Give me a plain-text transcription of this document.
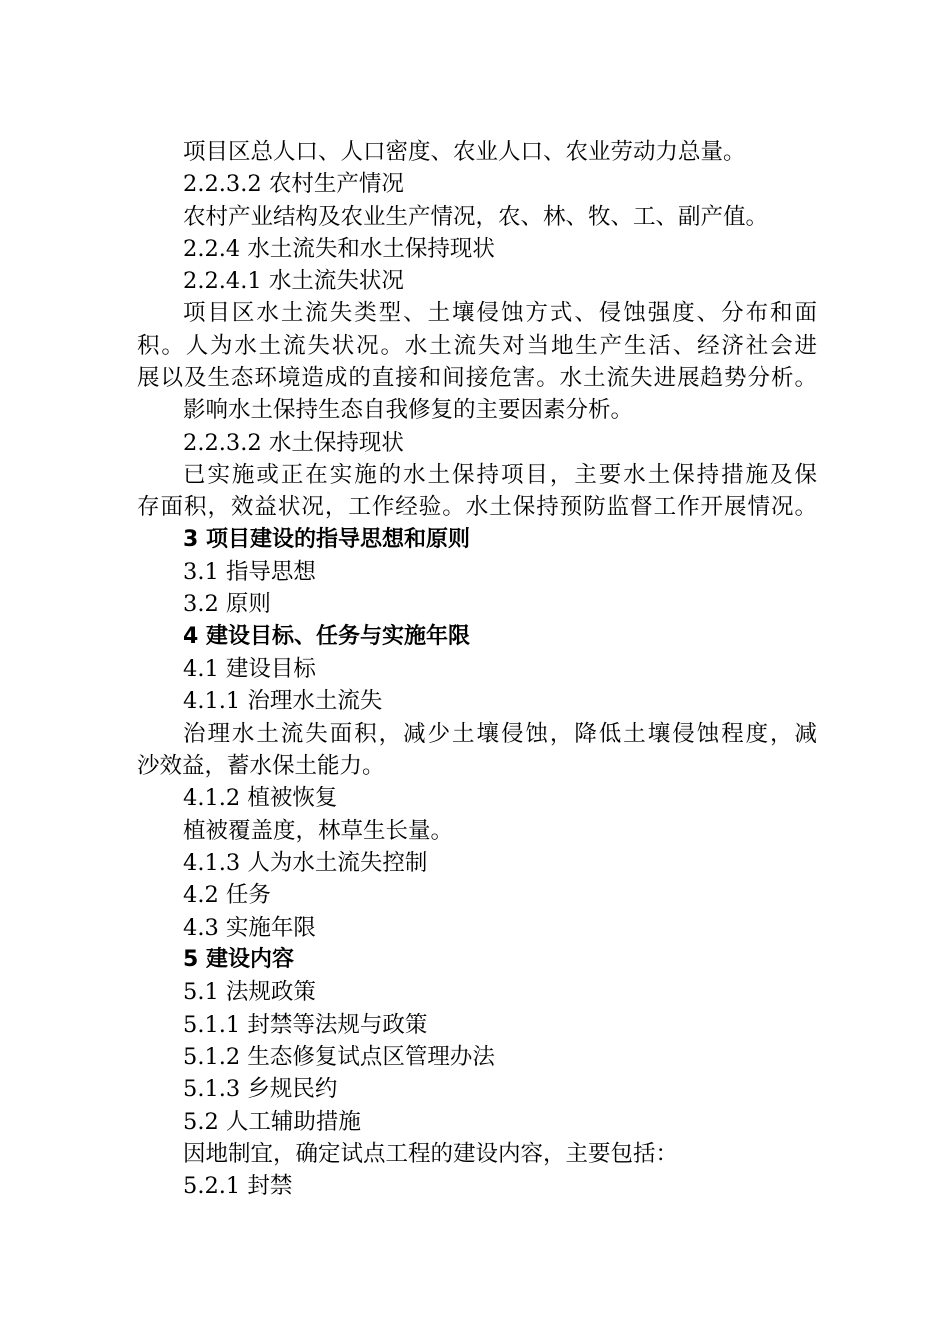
项目区总人口、人口密度、农业人口、农业劳动力总量。
2.2.3.2 农村生产情况
农村产业结构及农业生产情况，农、林、牧、工、副产值。
2.2.4 水土流失和水土保持现状
2.2.4.1 水土流失状况
项目区水土流失类型、土壤侵蚀方式、侵蚀强度、分布和面
积。人为水土流失状况。水土流失对当地生产生活、经济社会进
展以及生态环境造成的直接和间接危害。水土流失进展趋势分析。
影响水土保持生态自我修复的主要因素分析。
2.2.3.2 水土保持现状
已实施或正在实施的水土保持项目，主要水土保持措施及保
存面积，效益状况，工作经验。水土保持预防监督工作开展情况。
3 项目建设的指导思想和原则
3.1 指导思想
3.2 原则
4 建设目标、任务与实施年限
4.1 建设目标
4.1.1 治理水土流失
治理水土流失面积，减少土壤侵蚀，降低土壤侵蚀程度，减
沙效益，蓄水保土能力。
4.1.2 植被恢复
植被覆盖度，林草生长量。
4.1.3 人为水土流失控制
4.2 任务
4.3 实施年限
5 建设内容
5.1 法规政策
5.1.1 封禁等法规与政策
5.1.2 生态修复试点区管理办法
5.1.3 乡规民约
5.2 人工辅助措施
因地制宜，确定试点工程的建设内容，主要包括：
5.2.1 封禁
